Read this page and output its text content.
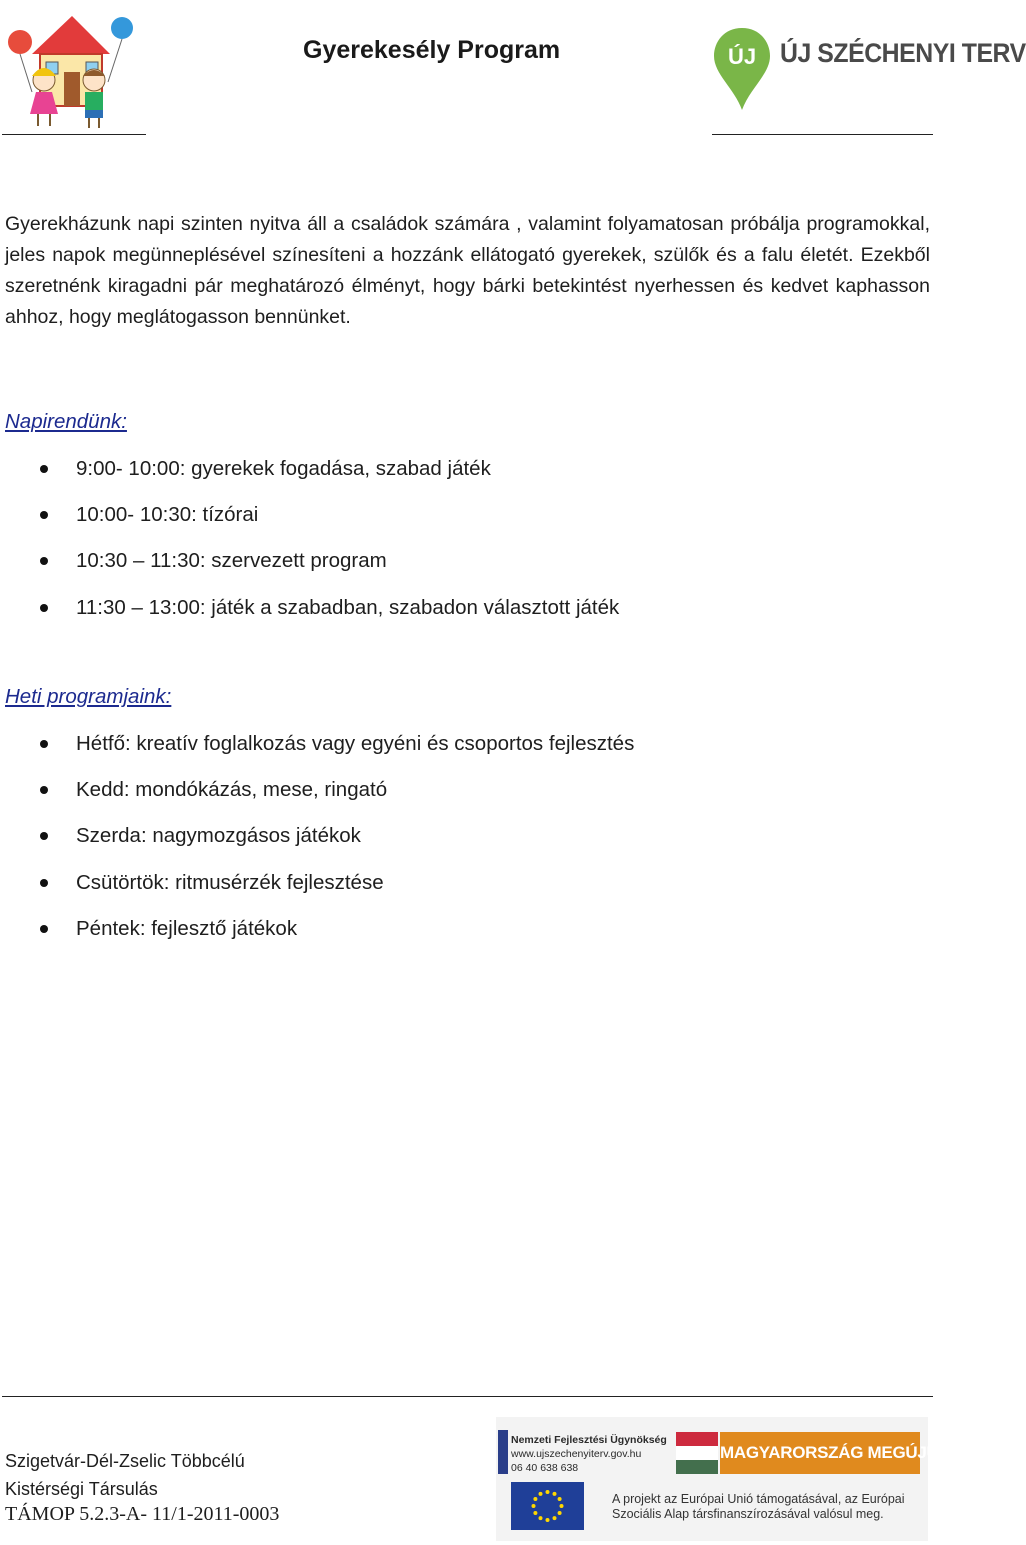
Gyerekesély Program	ÚJ ÚJ SZÉCHENYI TERV
Gyerekházunk napi szinten nyitva áll a családok számára , valamint folyamatosan próbálja programokkal, jeles napok megünneplésével színesíteni a hozzánk ellátogató gyerekek, szülők és a falu életét. Ezekből szeretnénk kiragadni pár meghatározó élményt, hogy bárki betekintést nyerhessen és kedvet kaphasson ahhoz, hogy meglátogasson bennünket.
Napirendünk:
9:00- 10:00: gyerekek fogadása, szabad játék
10:00- 10:30: tízórai
10:30 – 11:30: szervezett program
11:30 – 13:00: játék a szabadban, szabadon választott játék
Heti programjaink:
Hétfő: kreatív foglalkozás vagy egyéni és csoportos fejlesztés
Kedd: mondókázás, mese, ringató
Szerda: nagymozgásos játékok
Csütörtök: ritmusérzék fejlesztése
Péntek: fejlesztő játékok
Szigetvár-Dél-Zselic Többcélú
Kistérségi Társulás
TÁMOP 5.2.3-A- 11/1-2011-0003
Nemzeti Fejlesztési Ügynökség
www.ujszechenyiterv.gov.hu
06 40 638 638
MAGYARORSZÁG MEGÚJUL
A projekt az Európai Unió támogatásával, az Európai
Szociális Alap társfinanszírozásával valósul meg.
